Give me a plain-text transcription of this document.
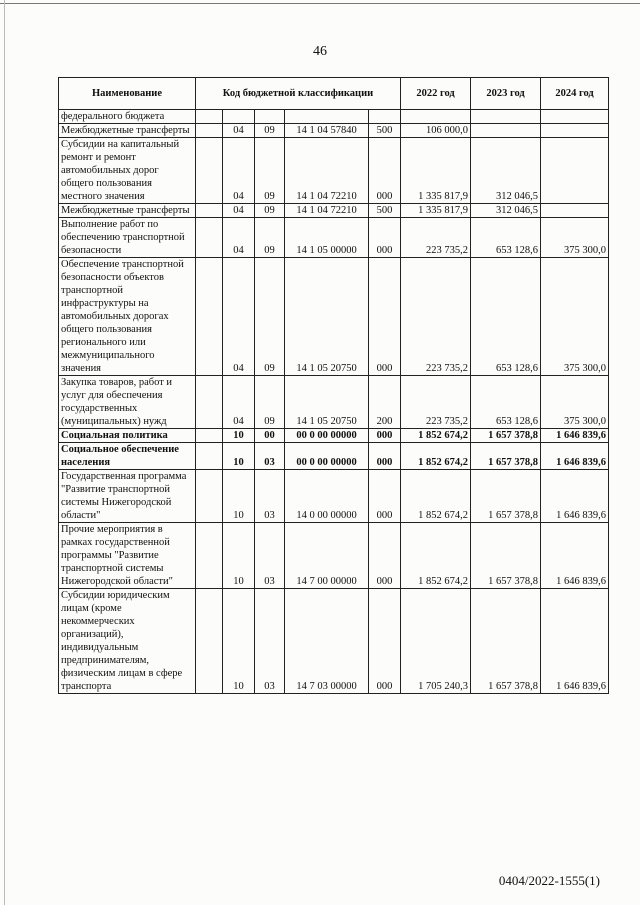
46
Наименование	Код бюджетной классификации					2022 год	2023 год	2024 год
федерального бюджета								
Межбюджетные трансферты		04	09	14 1 04 57840	500	106 000,0		
Субсидии на капитальный ремонт и ремонт автомобильных дорог общего пользования местного значения		04	09	14 1 04 72210	000	1 335 817,9	312 046,5	
Межбюджетные трансферты		04	09	14 1 04 72210	500	1 335 817,9	312 046,5	
Выполнение работ по обеспечению транспортной безопасности		04	09	14 1 05 00000	000	223 735,2	653 128,6	375 300,0
Обеспечение транспортной безопасности объектов транспортной инфраструктуры на автомобильных дорогах общего пользования регионального или межмуниципального значения		04	09	14 1 05 20750	000	223 735,2	653 128,6	375 300,0
Закупка товаров, работ и услуг для обеспечения государственных (муниципальных) нужд		04	09	14 1 05 20750	200	223 735,2	653 128,6	375 300,0
Социальная политика		10	00	00 0 00 00000	000	1 852 674,2	1 657 378,8	1 646 839,6
Социальное обеспечение населения		10	03	00 0 00 00000	000	1 852 674,2	1 657 378,8	1 646 839,6
Государственная программа "Развитие транспортной системы Нижегородской области"		10	03	14 0 00 00000	000	1 852 674,2	1 657 378,8	1 646 839,6
Прочие мероприятия в рамках государственной программы "Развитие транспортной системы Нижегородской области"		10	03	14 7 00 00000	000	1 852 674,2	1 657 378,8	1 646 839,6
Субсидии юридическим лицам (кроме некоммерческих организаций), индивидуальным предпринимателям, физическим лицам в сфере транспорта		10	03	14 7 03 00000	000	1 705 240,3	1 657 378,8	1 646 839,6
0404/2022-1555(1)
